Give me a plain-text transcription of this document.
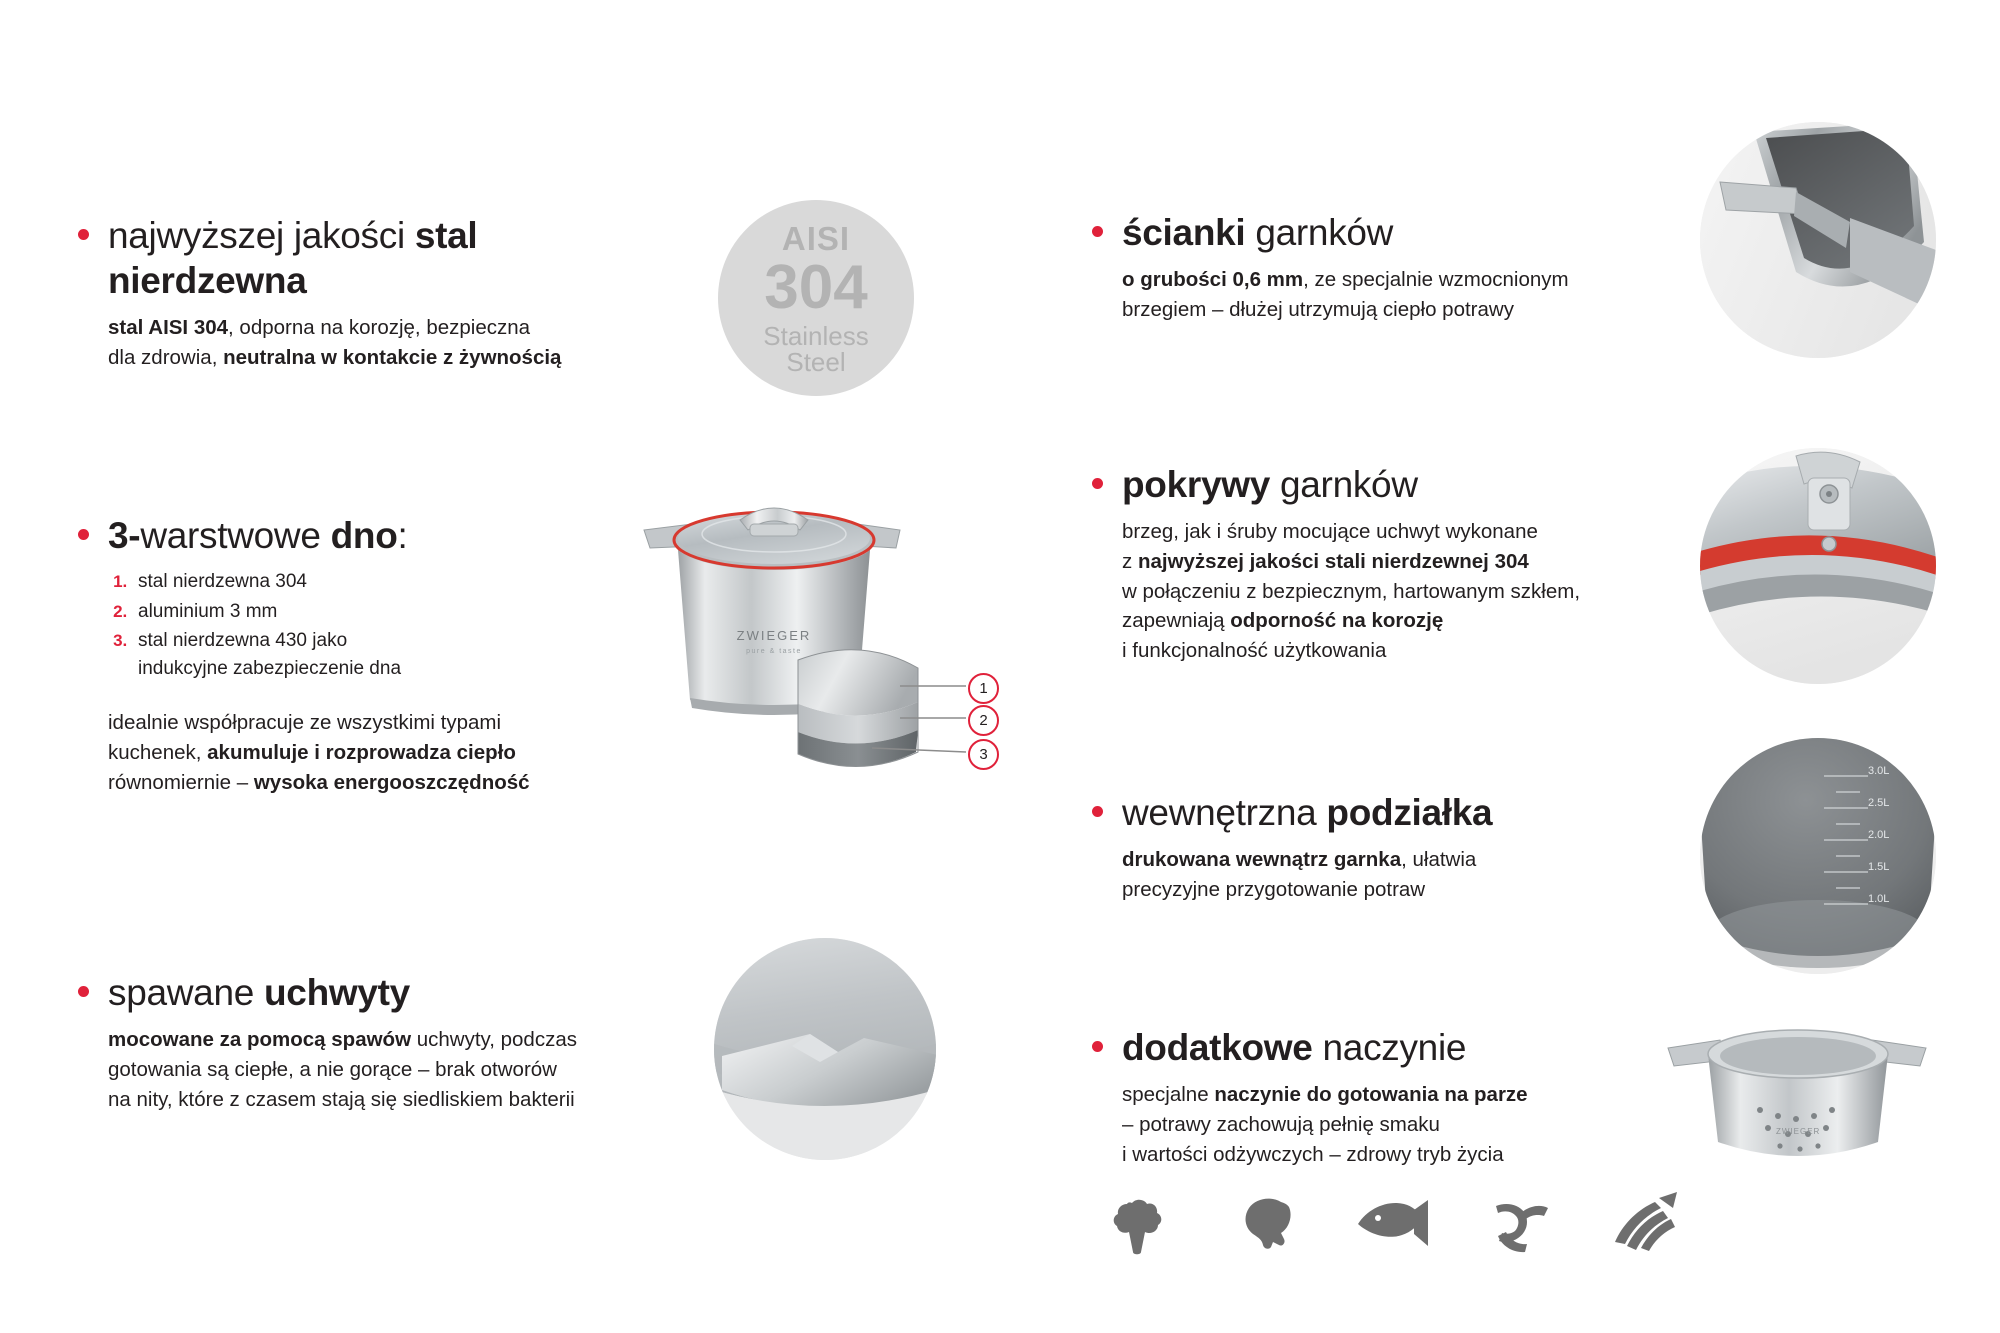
najwyższej jakości stal nierdzewna

stal AISI 304, odporna na korozję, bezpieczna
dla zdrowia, neutralna w kontakcie z żywnością

AISI
304
Stainless
Steel
3-warstwowe dno:
1. stal nierdzewna 304
2. aluminium 3 mm
3. stal nierdzewna 430 jako indukcyjne zabezpieczenie dna

idealnie współpracuje ze wszystkimi typami
kuchenek, akumuluje i rozprowadza ciepło
równomiernie – wysoka energooszczędność

spawane uchwyty

mocowane za pomocą spawów uchwyty, podczas
gotowania są ciepłe, a nie gorące – brak otworów
na nity, które z czasem stają się siedliskiem bakterii

ścianki garnków

o grubości 0,6 mm, ze specjalnie wzmocnionym
brzegiem – dłużej utrzymują ciepło potrawy

pokrywy garnków

brzeg, jak i śruby mocujące uchwyt wykonane
z najwyższej jakości stali nierdzewnej 304
w połączeniu z bezpiecznym, hartowanym szkłem,
zapewniają odporność na korozję
i funkcjonalność użytkowania

wewnętrzna podziałka

drukowana wewnątrz garnka, ułatwia
precyzyjne przygotowanie potraw

dodatkowe naczynie

specjalne naczynie do gotowania na parze
– potrawy zachowują pełnię smaku
i wartości odżywczych – zdrowy tryb życia

ZWIEGER
pure & taste
1
2
3
3.0L
2.5L
2.0L
1.5L
1.0L
ZWIEGER
